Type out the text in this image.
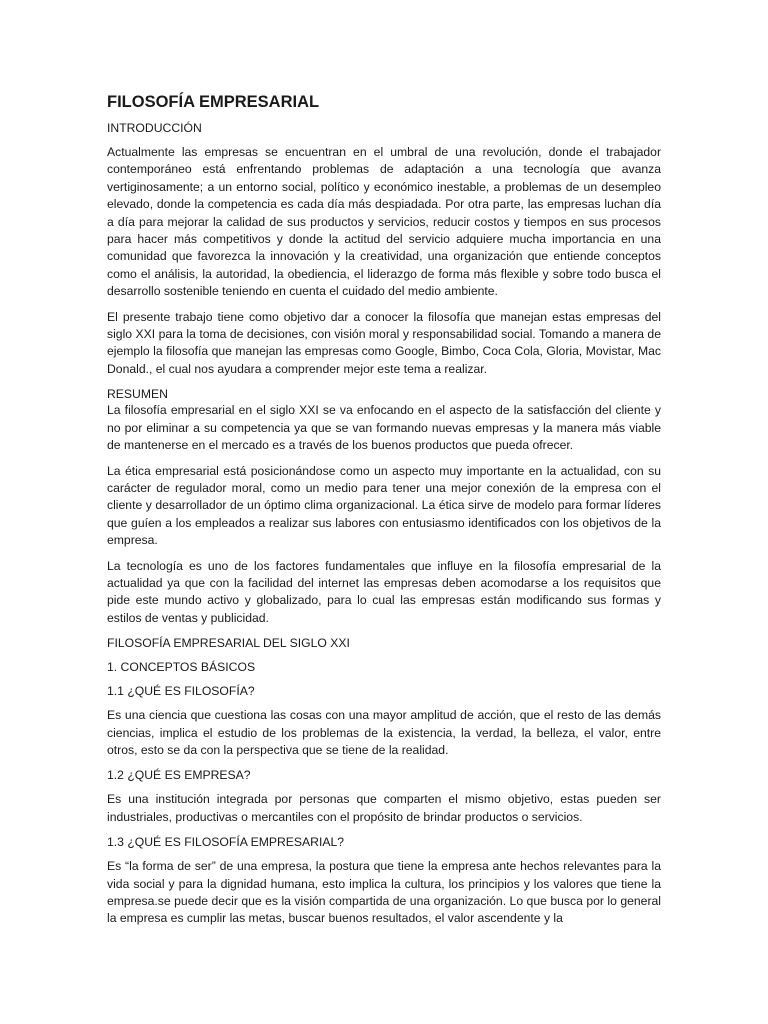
FILOSOFÍA EMPRESARIAL
INTRODUCCIÓN

Actualmente las empresas se encuentran en el umbral de una revolución, donde el trabajador contemporáneo está enfrentando problemas de adaptación a una tecnología que avanza vertiginosamente; a un entorno social, político y económico inestable, a problemas de un desempleo elevado, donde la competencia es cada día más despiadada. Por otra parte, las empresas luchan día a día para mejorar la calidad de sus productos y servicios, reducir costos y tiempos en sus procesos para hacer más competitivos y donde la actitud del servicio adquiere mucha importancia en una comunidad que favorezca la innovación y la creatividad, una organización que entiende conceptos como el análisis, la autoridad, la obediencia, el liderazgo de forma más flexible y sobre todo busca el desarrollo sostenible teniendo en cuenta el cuidado del medio ambiente.

El presente trabajo tiene como objetivo dar a conocer la filosofía que manejan estas empresas del siglo XXI para la toma de decisiones, con visión moral y responsabilidad social. Tomando a manera de ejemplo la filosofía que manejan las empresas como Google, Bimbo, Coca Cola, Gloria, Movistar, Mac Donald., el cual nos ayudara a comprender mejor este tema a realizar.

RESUMEN

La filosofía empresarial en el siglo XXI se va enfocando en el aspecto de la satisfacción del cliente y no por eliminar a su competencia ya que se van formando nuevas empresas y la manera más viable de mantenerse en el mercado es a través de los buenos productos que pueda ofrecer.

La ética empresarial está posicionándose como un aspecto muy importante en la actualidad, con su carácter de regulador moral, como un medio para tener una mejor conexión de la empresa con el cliente y desarrollador de un óptimo clima organizacional. La ética sirve de modelo para formar líderes que guíen a los empleados a realizar sus labores con entusiasmo identificados con los objetivos de la empresa.

La tecnología es uno de los factores fundamentales que influye en la filosofía empresarial de la actualidad ya que con la facilidad del internet las empresas deben acomodarse a los requisitos que pide este mundo activo y globalizado, para lo cual las empresas están modificando sus formas y estilos de ventas y publicidad.

FILOSOFÍA EMPRESARIAL DEL SIGLO XXI
1. CONCEPTOS BÁSICOS
1.1 ¿QUÉ ES FILOSOFÍA?

Es una ciencia que cuestiona las cosas con una mayor amplitud de acción, que el resto de las demás ciencias, implica el estudio de los problemas de la existencia, la verdad, la belleza, el valor, entre otros, esto se da con la perspectiva que se tiene de la realidad.

1.2 ¿QUÉ ES EMPRESA?

Es una institución integrada por personas que comparten el mismo objetivo, estas pueden ser industriales, productivas o mercantiles con el propósito de brindar productos o servicios.

1.3 ¿QUÉ ES FILOSOFÍA EMPRESARIAL?

Es “la forma de ser” de una empresa, la postura que tiene la empresa ante hechos relevantes para la vida social y para la dignidad humana, esto implica la cultura, los principios y los valores que tiene la empresa.se puede decir que es la visión compartida de una organización. Lo que busca por lo general la empresa es cumplir las metas, buscar buenos resultados, el valor ascendente y la
